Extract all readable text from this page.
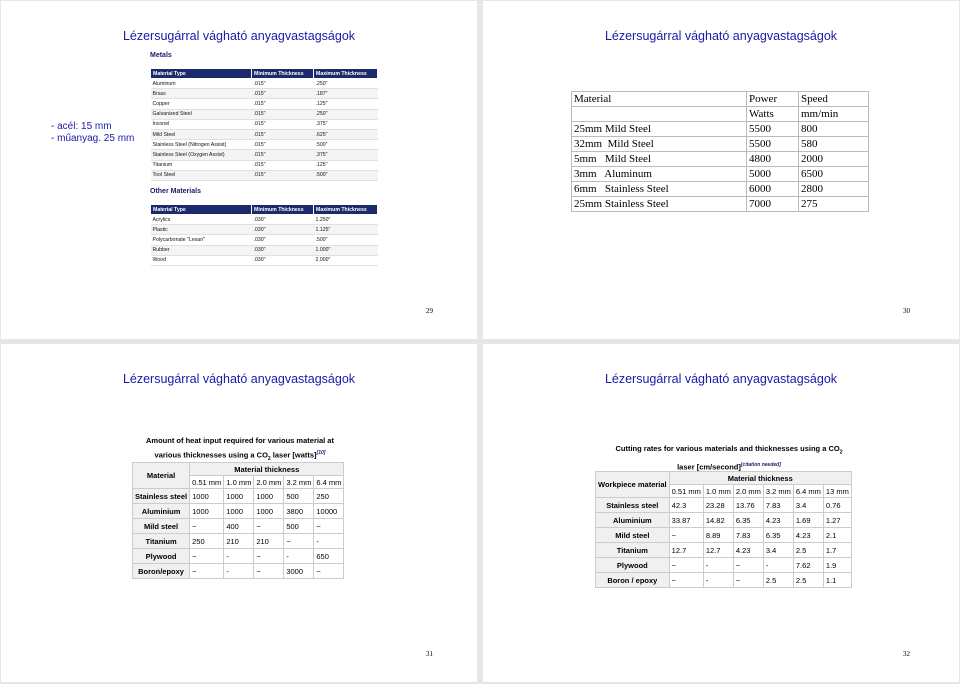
Lézersugárral vágható anyagvastagságok
- acél: 15 mm
- műanyag. 25 mm
Metals
Material Type	Minimum Thickness	Maximum Thickness
Aluminum	.015"	.250"
Brass	.015"	.187"
Copper	.015"	.125"
Galvanized Steel	.015"	.250"
Inconel	.015"	.375"
Mild Steel	.015"	.625"
Stainless Steel (Nitrogen Assist)	.015"	.500"
Stainless Steel (Oxygen Assist)	.015"	.375"
Titanium	.015"	.125"
Tool Steel	.015"	.500"
Other Materials
Material Type	Minimum Thickness	Maximum Thickness
Acrylics	.030"	1.250"
Plastic	.030"	1.125"
Polycarbonate "Lexan"	.030"	.500"
Rubber	.030"	1.000"
Wood	.030"	2.000"
29
Lézersugárral vágható anyagvastagságok
Material	Power	Speed
	Watts	mm/min
25mm Mild Steel	5500	800
32mm  Mild Steel	5500	580
5mm   Mild Steel	4800	2000
3mm   Aluminum	5000	6500
6mm   Stainless Steel	6000	2800
25mm Stainless Steel	7000	275
30
Lézersugárral vágható anyagvastagságok
Amount of heat input required for various material at
various thicknesses using a $CO_2$ laser [watts][10]
Material	Material thickness				
	0.51 mm	1.0 mm	2.0 mm	3.2 mm	6.4 mm
Stainless steel	1000	1000	1000	500	250
Aluminium	1000	1000	1000	3800	10000
Mild steel	−	400	−	500	−
Titanium	250	210	210	−	-
Plywood	−	-	−	-	650
Boron/epoxy	−	-	−	3000	−
31
Lézersugárral vágható anyagvastagságok
Cutting rates for various materials and thicknesses using a $CO_2$
laser [cm/second][citation needed]
Workpiece material	Material thickness					
	0.51 mm	1.0 mm	2.0 mm	3.2 mm	6.4 mm	13 mm
Stainless steel	42.3	23.28	13.76	7.83	3.4	0.76
Aluminium	33.87	14.82	6.35	4.23	1.69	1.27
Mild steel	−	8.89	7.83	6.35	4.23	2.1
Titanium	12.7	12.7	4.23	3.4	2.5	1.7
Plywood	−	-	−	-	7.62	1.9
Boron / epoxy	−	-	−	2.5	2.5	1.1
32
